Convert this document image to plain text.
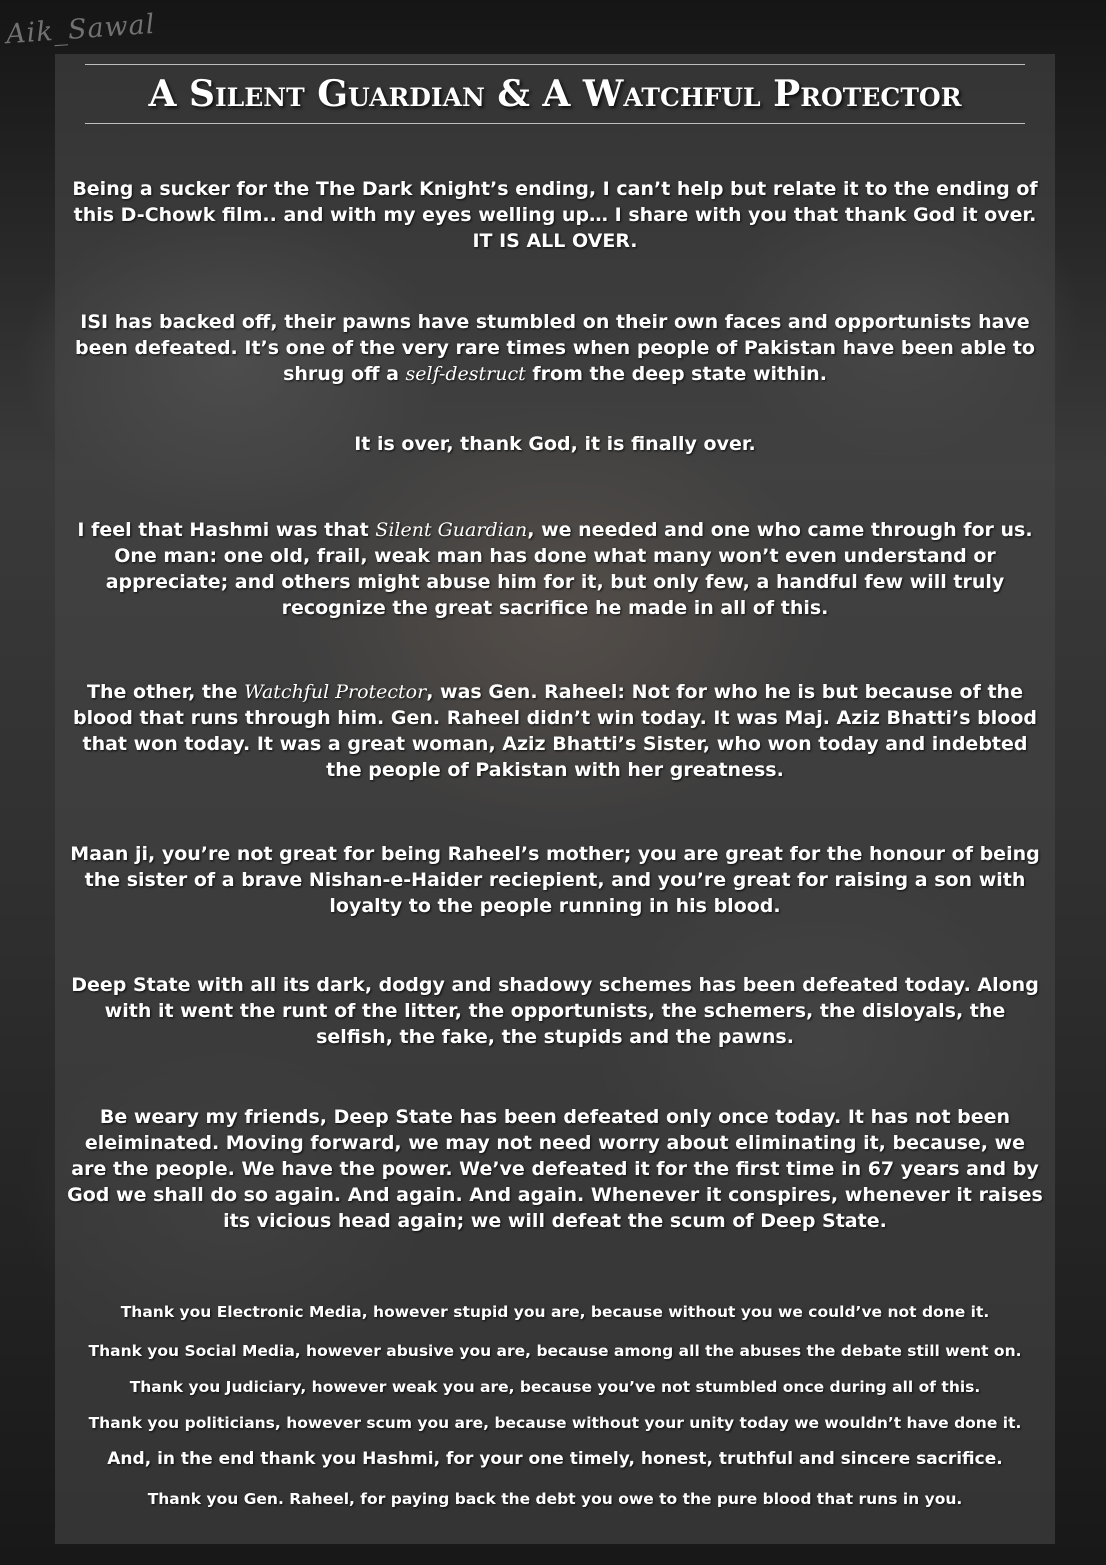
Aik_Sawal
A Silent Guardian & A Watchful Protector

Being a sucker for the The Dark Knight’s ending, I can’t help but relate it to the ending of this D-Chowk film.. and with my eyes welling up… I share with you that thank God it over. IT IS ALL OVER.

ISI has backed off, their pawns have stumbled on their own faces and opportunists have been defeated. It’s one of the very rare times when people of Pakistan have been able to shrug off a self-destruct from the deep state within.

It is over, thank God, it is finally over.

I feel that Hashmi was that Silent Guardian, we needed and one who came through for us. One man: one old, frail, weak man has done what many won’t even understand or appreciate; and others might abuse him for it, but only few, a handful few will truly recognize the great sacrifice he made in all of this.

The other, the Watchful Protector, was Gen. Raheel: Not for who he is but because of the blood that runs through him. Gen. Raheel didn’t win today. It was Maj. Aziz Bhatti’s blood that won today. It was a great woman, Aziz Bhatti’s Sister, who won today and indebted the people of Pakistan with her greatness.

Maan ji, you’re not great for being Raheel’s mother; you are great for the honour of being the sister of a brave Nishan-e-Haider reciepient, and you’re great for raising a son with loyalty to the people running in his blood.

Deep State with all its dark, dodgy and shadowy schemes has been defeated today. Along with it went the runt of the litter, the opportunists, the schemers, the disloyals, the selfish, the fake, the stupids and the pawns.

Be weary my friends, Deep State has been defeated only once today. It has not been eleiminated. Moving forward, we may not need worry about eliminating it, because, we are the people. We have the power. We’ve defeated it for the first time in 67 years and by God we shall do so again. And again. And again. Whenever it conspires, whenever it raises its vicious head again; we will defeat the scum of Deep State.

Thank you Electronic Media, however stupid you are, because without you we could’ve not done it.

Thank you Social Media, however abusive you are, because among all the abuses the debate still went on.

Thank you Judiciary, however weak you are, because you’ve not stumbled once during all of this.

Thank you politicians, however scum you are, because without your unity today we wouldn’t have done it.

And, in the end thank you Hashmi, for your one timely, honest, truthful and sincere sacrifice.

Thank you Gen. Raheel, for paying back the debt you owe to the pure blood that runs in you.
